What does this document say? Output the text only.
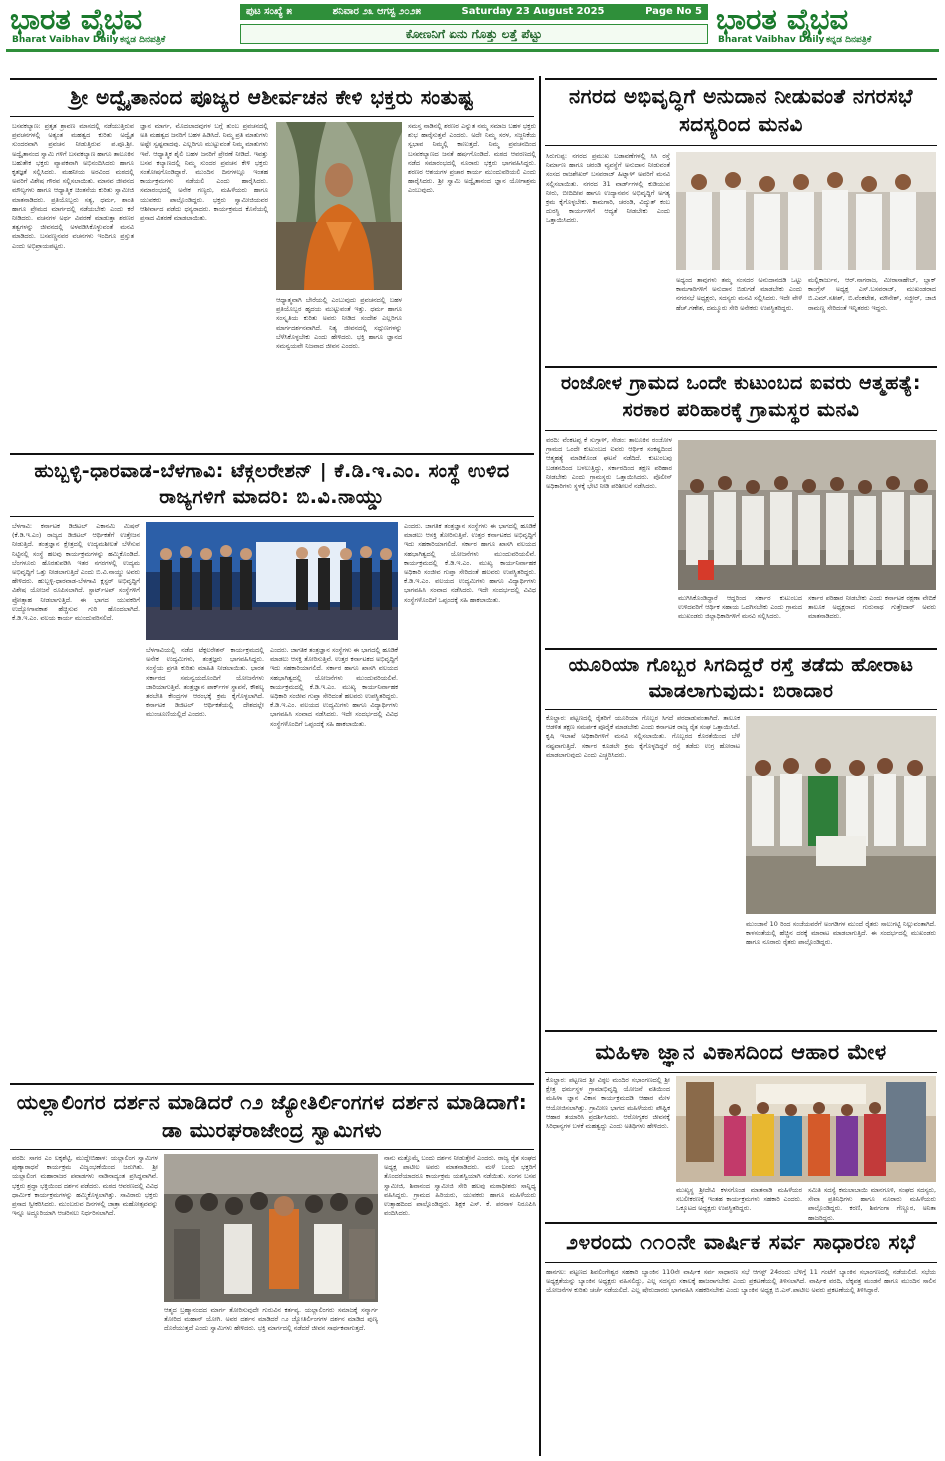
ಭಾರತ ವೈಭವ
Bharat Vaibhav Daily ಕನ್ನಡ ದಿನಪತ್ರಿಕೆ
ಪುಟ ಸಂಖ್ಯೆ ೫	ಶನಿವಾರ ೨೩ ಆಗಸ್ಟ ೨೦೨೫	Saturday 23 August 2025	Page No 5
ಕೋಣನಿಗೆ ಏನು ಗೊತ್ತು ಲತ್ತೆ ಪೆಟ್ಟು	ಭಾರತ ವೈಭವ
Bharat Vaibhav Daily ಕನ್ನಡ ದಿನಪತ್ರಿಕೆ
ಶ್ರೀ ಅದ್ವೈತಾನಂದ ಪೂಜ್ಯರ ಆಶೀರ್ವಚನ ಕೇಳಿ ಭಕ್ತರು ಸಂತುಷ್ಟ
ಬಸವಕಲ್ಯಾಣ: ಪ್ರತೃತ ಶ್ರಾವಣ ಮಾಸದಲ್ಲಿ ನಡೆಯುತ್ತಿರುವ ಪ್ರವಚನಗಳಲ್ಲಿ ಅತ್ಯಂತ ಮಹತ್ವದ ಕುರಿತು ಅದ್ವೈತ ಸುಂದರವಾಗಿ ಪ್ರವಚನ ನೀಡುತ್ತಿರುವ ಪ.ಪೂ.ಶ್ರೀ. ಅದ್ವೈತಾನಂದ ಸ್ವಾಮಿ ಗಳಿಗೆ ಬಸವಕಲ್ಯಾಣ ಹಾಗೂ ತಾಲೂಕಿನ ಬಹುತೇಕ ಭಕ್ತರು ವ್ಯಾಪಕವಾಗಿ ಅಭಿನಂದಿಸಿದರು ಹಾಗೂ ಕೃತಜ್ಞತೆ ಸಲ್ಲಿಸಿದರು. ಮಹನೀಯ ಅರವಿಂದ ಮಠದಲ್ಲಿ ಅವರಿಗೆ ವಿಶೇಷ ಗೌರವ ಸಲ್ಲಿಸಲಾಯಿತು. ಮಾನವ ಜೀವನದ ಮೌಲ್ಯಗಳು ಹಾಗೂ ಆಧ್ಯಾತ್ಮಿಕ ಚಿಂತನೆಯ ಕುರಿತು ಸ್ವಾಮೀಜಿ ಮಾತನಾಡಿದರು. ಪ್ರತಿಯೊಬ್ಬರು ಸತ್ಯ, ಧರ್ಮ, ಶಾಂತಿ ಹಾಗೂ ಪ್ರೇಮದ ಮಾರ್ಗದಲ್ಲಿ ನಡೆಯಬೇಕು ಎಂದು ಕರೆ ನೀಡಿದರು. ವಚನಗಳ ಅರ್ಥ ವಿವರಣೆ ಮಾಡುತ್ತಾ ಶರಣರ ತತ್ವಗಳನ್ನು ಜೀವನದಲ್ಲಿ ಅಳವಡಿಸಿಕೊಳ್ಳುವಂತೆ ಮನವಿ ಮಾಡಿದರು. ಬಸವಣ್ಣನವರ ವಚನಗಳು ಇಂದಿಗೂ ಪ್ರಸ್ತುತ ಎಂದು ಅಭಿಪ್ರಾಯಪಟ್ಟರು.
ಜ್ಞಾನ ಮಾರ್ಗ, ಮೊದಲಾದವುಗಳ ಬಗ್ಗೆ ತುಂಬ ಪ್ರವಚನದಲ್ಲಿ ಅತಿ ಮಹತ್ವದ ಜನರಿಗೆ ಬಹಳ ಹಿಡಿಸಿದೆ. ನಿಮ್ಮ ಪ್ರತಿ ಮಾತುಗಳು ಅಷ್ಟೇ ಸ್ವಷ್ಟವಾದವು. ಎಲ್ಲರಿಗೂ ಮುಟ್ಟುವಂತೆ ನಿಮ್ಮ ಮಾತುಗಳು ಇವೆ. ಆಧ್ಯಾತ್ಮಿಕ ಶೈಲಿ ಬಹಳ ಜನರಿಗೆ ಪ್ರೇರಣೆ ನೀಡಿದೆ. ಇವತ್ತು ಬಸವ ಕಲ್ಯಾಣದಲ್ಲಿ ನಿಮ್ಮ ಸುಂದರ ಪ್ರವಚನ ಕೇಳಿ ಭಕ್ತರು ಸಂತೋಷಗೊಂಡಿದ್ದಾರೆ. ಮುಂದಿನ ದಿನಗಳಲ್ಲೂ ಇಂತಹ ಕಾರ್ಯಕ್ರಮಗಳು ನಡೆಯಲಿ ಎಂದು ಹಾರೈಸಿದರು. ಸಮಾರಂಭದಲ್ಲಿ ಅನೇಕ ಗಣ್ಯರು, ಮಹಿಳೆಯರು ಹಾಗೂ ಯುವಕರು ಪಾಲ್ಗೊಂಡಿದ್ದರು. ಭಕ್ತರು ಸ್ವಾಮೀಜಿಯವರ ಆಶೀರ್ವಾದ ಪಡೆದು ಧನ್ಯರಾದರು. ಕಾರ್ಯಕ್ರಮದ ಕೊನೆಯಲ್ಲಿ ಪ್ರಸಾದ ವಿತರಣೆ ಮಾಡಲಾಯಿತು.
ಆಧ್ಯಾತ್ಮವಾಗಿ ಬೇರೆಯಲ್ಲಿ ಎಂಬುವುದು ಪ್ರವಚನದಲ್ಲಿ ಬಹಳ ಪ್ರತಿಯೊಬ್ಬರ ಹೃದಯ ಮುಟ್ಟುವಂತೆ ಇತ್ತು. ಧರ್ಮ ಹಾಗೂ ಸಂಸ್ಕೃತಿಯ ಕುರಿತು ಅವರು ನೀಡಿದ ಸಂದೇಶ ಎಲ್ಲರಿಗೂ ಮಾರ್ಗದರ್ಶನವಾಗಿದೆ. ನಿತ್ಯ ಜೀವನದಲ್ಲಿ ಸದ್ಗುಣಗಳನ್ನು ಬೆಳೆಸಿಕೊಳ್ಳಬೇಕು ಎಂದು ಹೇಳಿದರು. ಭಕ್ತಿ ಹಾಗೂ ಜ್ಞಾನದ ಸಮನ್ವಯವೇ ನಿಜವಾದ ಜೀವನ ಎಂದರು.
ಸಮಸ್ತ ನಾಡಿನಲ್ಲಿ ಶರಣರ ಎನ್ನುತ ನಮ್ಮ ಸಮಾಜ ಬಹಳ ಭಕ್ತರು ಶುಭ ಹಾರೈಸುತ್ತವೆ ಎಂದರು. ಅದೇ ನಿಮ್ಮ ಸರಳ, ಸಜ್ಜನಿಕೆಯ ಸ್ವಭಾವ ನಿಮ್ಮಲ್ಲಿ ಕಾಣುತ್ತದೆ. ನಿಮ್ಮ ಪ್ರವಚನದಿಂದ ಬಸವಕಲ್ಯಾಣದ ಜನತೆ ಹರ್ಷಗೊಂಡಿದೆ. ಮಠದ ಆವರಣದಲ್ಲಿ ನಡೆದ ಸಮಾರಂಭದಲ್ಲಿ ನೂರಾರು ಭಕ್ತರು ಭಾಗವಹಿಸಿದ್ದರು. ಶರಣರ ಆಶಯಗಳ ಪ್ರಚಾರ ಕಾರ್ಯ ಮುಂದುವರಿಯಲಿ ಎಂದು ಹಾರೈಸಿದರು. ಶ್ರೀ ಸ್ವಾಮಿ ಅದ್ವೈತಾನಂದ ಜ್ಞಾನ ಯೋಗಾಶ್ರಮ ಎಂಬುವುದು.
ಹುಬ್ಬಳ್ಳಿ-ಧಾರವಾಡ-ಬೆಳಗಾವಿ: ಟೆಕ್ಗಲರೇಶನ್ | ಕೆ.ಡಿ.ಇ.ಎಂ. ಸಂಸ್ಥೆ ಉಳಿದ ರಾಜ್ಯಗಳಿಗೆ ಮಾದರಿ: ಬಿ.ವಿ.ನಾಯ್ಡು
ಬೆಳಗಾವಿ: ಕರ್ನಾಟಕ ಡಿಜಿಟಲ್ ಎಕಾನಮಿ ಮಿಷನ್ (ಕೆ.ಡಿ.ಇ.ಎಂ) ರಾಜ್ಯದ ಡಿಜಿಟಲ್ ಆರ್ಥಿಕತೆಗೆ ಉತ್ತೇಜನ ನೀಡುತ್ತಿದೆ. ತಂತ್ರಜ್ಞಾನ ಕ್ಷೇತ್ರದಲ್ಲಿ ಉದ್ಯಮಶೀಲತೆ ಬೆಳೆಸುವ ನಿಟ್ಟಿನಲ್ಲಿ ಸಂಸ್ಥೆ ಹಲವು ಕಾರ್ಯಕ್ರಮಗಳನ್ನು ಹಮ್ಮಿಕೊಂಡಿದೆ. ಬೆಂಗಳೂರು ಹೊರತುಪಡಿಸಿ ಇತರ ನಗರಗಳಲ್ಲಿ ಉದ್ಯಮ ಅಭಿವೃದ್ಧಿಗೆ ಒತ್ತು ನೀಡಲಾಗುತ್ತಿದೆ ಎಂದು ಬಿ.ವಿ.ನಾಯ್ಡು ಅವರು ಹೇಳಿದರು. ಹುಬ್ಬಳ್ಳಿ-ಧಾರವಾಡ-ಬೆಳಗಾವಿ ಕ್ಲಸ್ಟರ್ ಅಭಿವೃದ್ಧಿಗೆ ವಿಶೇಷ ಯೋಜನೆ ರೂಪಿಸಲಾಗಿದೆ. ಸ್ಟಾರ್ಟ್‌ಅಪ್ ಸಂಸ್ಥೆಗಳಿಗೆ ಪ್ರೋತ್ಸಾಹ ನೀಡಲಾಗುತ್ತಿದೆ. ಈ ಭಾಗದ ಯುವಕರಿಗೆ ಉದ್ಯೋಗಾವಕಾಶ ಹೆಚ್ಚಿಸುವ ಗುರಿ ಹೊಂದಲಾಗಿದೆ. ಕೆ.ಡಿ.ಇ.ಎಂ. ವಲಯ ಕಾರ್ಯ ಮುಂದುವರಿಸಲಿದೆ.
ಬೆಳಗಾವಿಯಲ್ಲಿ ನಡೆದ ಟೆಕ್ಗಲರೇಶನ್ ಕಾರ್ಯಕ್ರಮದಲ್ಲಿ ಅನೇಕ ಉದ್ಯಮಿಗಳು, ತಂತ್ರಜ್ಞರು ಭಾಗವಹಿಸಿದ್ದರು. ಸಂಸ್ಥೆಯ ಪ್ರಗತಿ ಕುರಿತು ಮಾಹಿತಿ ನೀಡಲಾಯಿತು. ಭಾರತ ಸರ್ಕಾರದ ಸಮನ್ವಯದೊಂದಿಗೆ ಯೋಜನೆಗಳು ಜಾರಿಯಾಗುತ್ತಿವೆ. ತಂತ್ರಜ್ಞಾನ ಪಾರ್ಕ್‌ಗಳ ಸ್ಥಾಪನೆ, ಕೌಶಲ್ಯ ತರಬೇತಿ ಕೇಂದ್ರಗಳ ಆರಂಭಕ್ಕೆ ಕ್ರಮ ಕೈಗೊಳ್ಳಲಾಗಿದೆ. ಕರ್ನಾಟಕ ಡಿಜಿಟಲ್ ಆರ್ಥಿಕತೆಯಲ್ಲಿ ದೇಶದಲ್ಲೇ ಮುಂಚೂಣಿಯಲ್ಲಿದೆ ಎಂದರು.
ಎಂದರು. ಜಾಗತಿಕ ತಂತ್ರಜ್ಞಾನ ಸಂಸ್ಥೆಗಳು ಈ ಭಾಗದಲ್ಲಿ ಹೂಡಿಕೆ ಮಾಡಲು ಆಸಕ್ತಿ ತೋರಿಸುತ್ತಿವೆ. ಉತ್ತರ ಕರ್ನಾಟಕದ ಅಭಿವೃದ್ಧಿಗೆ ಇದು ಸಹಕಾರಿಯಾಗಲಿದೆ. ಸರ್ಕಾರ ಹಾಗೂ ಖಾಸಗಿ ವಲಯದ ಸಹಭಾಗಿತ್ವದಲ್ಲಿ ಯೋಜನೆಗಳು ಮುಂದುವರಿಯಲಿವೆ. ಕಾರ್ಯಕ್ರಮದಲ್ಲಿ ಕೆ.ಡಿ.ಇ.ಎಂ. ಮುಖ್ಯ ಕಾರ್ಯನಿರ್ವಾಹಕ ಅಧಿಕಾರಿ ಸಂಜೀವ ಗುಪ್ತಾ ಸೇರಿದಂತೆ ಹಲವರು ಉಪಸ್ಥಿತರಿದ್ದರು. ಕೆ.ಡಿ.ಇ.ಎಂ. ವಲಯದ ಉದ್ಯಮಿಗಳು ಹಾಗೂ ವಿದ್ಯಾರ್ಥಿಗಳು ಭಾಗವಹಿಸಿ ಸಂವಾದ ನಡೆಸಿದರು. ಇದೇ ಸಂದರ್ಭದಲ್ಲಿ ವಿವಿಧ ಸಂಸ್ಥೆಗಳೊಂದಿಗೆ ಒಪ್ಪಂದಕ್ಕೆ ಸಹಿ ಹಾಕಲಾಯಿತು.
ಎಂದರು. ಜಾಗತಿಕ ತಂತ್ರಜ್ಞಾನ ಸಂಸ್ಥೆಗಳು ಈ ಭಾಗದಲ್ಲಿ ಹೂಡಿಕೆ ಮಾಡಲು ಆಸಕ್ತಿ ತೋರಿಸುತ್ತಿವೆ. ಉತ್ತರ ಕರ್ನಾಟಕದ ಅಭಿವೃದ್ಧಿಗೆ ಇದು ಸಹಕಾರಿಯಾಗಲಿದೆ. ಸರ್ಕಾರ ಹಾಗೂ ಖಾಸಗಿ ವಲಯದ ಸಹಭಾಗಿತ್ವದಲ್ಲಿ ಯೋಜನೆಗಳು ಮುಂದುವರಿಯಲಿವೆ. ಕಾರ್ಯಕ್ರಮದಲ್ಲಿ ಕೆ.ಡಿ.ಇ.ಎಂ. ಮುಖ್ಯ ಕಾರ್ಯನಿರ್ವಾಹಕ ಅಧಿಕಾರಿ ಸಂಜೀವ ಗುಪ್ತಾ ಸೇರಿದಂತೆ ಹಲವರು ಉಪಸ್ಥಿತರಿದ್ದರು. ಕೆ.ಡಿ.ಇ.ಎಂ. ವಲಯದ ಉದ್ಯಮಿಗಳು ಹಾಗೂ ವಿದ್ಯಾರ್ಥಿಗಳು ಭಾಗವಹಿಸಿ ಸಂವಾದ ನಡೆಸಿದರು. ಇದೇ ಸಂದರ್ಭದಲ್ಲಿ ವಿವಿಧ ಸಂಸ್ಥೆಗಳೊಂದಿಗೆ ಒಪ್ಪಂದಕ್ಕೆ ಸಹಿ ಹಾಕಲಾಯಿತು.
ಯಲ್ಲಾಲಿಂಗರ ದರ್ಶನ ಮಾಡಿದರೆ ೧೨ ಜ್ಯೋತಿರ್ಲಿಂಗಗಳ ದರ್ಶನ ಮಾಡಿದಾಗೆ: ಡಾ ಮುರಘರಾಜೇಂದ್ರ ಸ್ವಾಮಿಗಳು
ವರದಿ: ಸಾಗರ ಎಂ ಲಕ್ಕಶೆಟ್ಟಿ, ಮುದ್ದೇಬಿಹಾಳ: ಯಲ್ಲಾಲಿಂಗ ಸ್ವಾಮಿಗಳ ಪುಣ್ಯಾರಾಧನೆ ಕಾರ್ಯಕ್ರಮ ವಿಜೃಂಭಣೆಯಿಂದ ಜರುಗಿತು. ಶ್ರೀ ಯಲ್ಲಾಲಿಂಗ ಮಹಾರಾಜರ ಪವಾಡಗಳು ನಾಡಿನಾದ್ಯಂತ ಪ್ರಸಿದ್ಧವಾಗಿವೆ. ಭಕ್ತರು ಶ್ರದ್ಧಾ ಭಕ್ತಿಯಿಂದ ದರ್ಶನ ಪಡೆದರು. ಮಠದ ಆವರಣದಲ್ಲಿ ವಿವಿಧ ಧಾರ್ಮಿಕ ಕಾರ್ಯಕ್ರಮಗಳನ್ನು ಹಮ್ಮಿಕೊಳ್ಳಲಾಗಿತ್ತು. ಸಾವಿರಾರು ಭಕ್ತರು ಪ್ರಸಾದ ಸ್ವೀಕರಿಸಿದರು. ಮುಂಬರುವ ದಿನಗಳಲ್ಲಿ ಜಾತ್ರಾ ಮಹೋತ್ಸವವನ್ನು ಇನ್ನೂ ಅದ್ದೂರಿಯಾಗಿ ಆಚರಿಸಲು ನಿರ್ಧರಿಸಲಾಗಿದೆ.
ಆತ್ಮದ ಬ್ರಹ್ಮಾನಂದದ ಮಾರ್ಗ ತೋರಿಸುವುದೇ ಗುರುವಿನ ಕರ್ತವ್ಯ. ಯಲ್ಲಾಲಿಂಗರು ಸಮಾಜಕ್ಕೆ ಸನ್ಮಾರ್ಗ ತೋರಿದ ಮಹಾನ್ ಯೋಗಿ. ಅವರ ದರ್ಶನ ಮಾಡಿದರೆ ೧೨ ಜ್ಯೋತಿರ್ಲಿಂಗಗಳ ದರ್ಶನ ಮಾಡಿದ ಪುಣ್ಯ ದೊರೆಯುತ್ತದೆ ಎಂದು ಸ್ವಾಮಿಗಳು ಹೇಳಿದರು. ಭಕ್ತಿ ಮಾರ್ಗದಲ್ಲಿ ನಡೆದರೆ ಜೀವನ ಸಾರ್ಥಕವಾಗುತ್ತದೆ.
ನಾನು ಮತ್ತೊಮ್ಮೆ ಬಂದು ದರ್ಶನ ನೀಡುತ್ತೇನೆ ಎಂದರು. ರಾಜ್ಯ ರೈತ ಸಂಘದ ಅಧ್ಯಕ್ಷ ಪಾಟೀಲ ಅವರು ಮಾತನಾಡಿದರು. ಮಳೆ ಬಂದು ಭಕ್ತರಿಗೆ ತೊಂದರೆಯಾದರೂ ಕಾರ್ಯಕ್ರಮ ಯಶಸ್ವಿಯಾಗಿ ನಡೆಯಿತು. ಸಂಗನ ಬಸವ ಸ್ವಾಮೀಜಿ, ಶಿವಾನಂದ ಸ್ವಾಮೀಜಿ ಸೇರಿ ಹಲವು ಮಠಾಧೀಶರು ಸಾನ್ನಿಧ್ಯ ವಹಿಸಿದ್ದರು. ಗ್ರಾಮದ ಹಿರಿಯರು, ಯುವಕರು ಹಾಗೂ ಮಹಿಳೆಯರು ಉತ್ಸಾಹದಿಂದ ಪಾಲ್ಗೊಂಡಿದ್ದರು. ಶಿಕ್ಷಕ ಎಸ್. ಕೆ. ಪರನಾಳ ನಿರೂಪಿಸಿ ವಂದಿಸಿದರು.
ನಗರದ ಅಭಿವೃದ್ಧಿಗೆ ಅನುದಾನ ನೀಡುವಂತೆ ನಗರಸಭೆ ಸದಸ್ಯರಿಂದ ಮನವಿ
ಸಿರುಗುಪ್ಪ: ನಗರದ ಪ್ರಮುಖ ಬಡಾವಣೆಗಳಲ್ಲಿ ಸಿಸಿ ರಸ್ತೆ ನಿರ್ಮಾಣ ಹಾಗೂ ಚರಂಡಿ ವ್ಯವಸ್ಥೆಗೆ ಅನುದಾನ ನೀಡುವಂತೆ ಸಂಸದ ರಾಜಶೇಖರ್ ಬಸವರಾಜ್ ಹಿಟ್ನಾಳ್ ಅವರಿಗೆ ಮನವಿ ಸಲ್ಲಿಸಲಾಯಿತು. ನಗರದ 31 ವಾರ್ಡ್‌ಗಳಲ್ಲಿ ಕುಡಿಯುವ ನೀರು, ಬೀದಿದೀಪ ಹಾಗೂ ಉದ್ಯಾನವನ ಅಭಿವೃದ್ಧಿಗೆ ಅಗತ್ಯ ಕ್ರಮ ಕೈಗೊಳ್ಳಬೇಕು. ಕಾಮಗಾರಿ, ಚರಂಡಿ, ವಿದ್ಯುತ್ ಕಂಬ ದುರಸ್ಥಿ ಕಾರ್ಯಗಳಿಗೆ ಆದ್ಯತೆ ನೀಡಬೇಕು ಎಂದು ಒತ್ತಾಯಿಸಿದರು.
ಅಧ್ಯಂದ ತಾವುಗಳು ತಮ್ಮ ಸಂಸದರ ಅನುದಾನದಡಿ ಒಟ್ಟು ಕಾಮಗಾರಿಗಳಿಗೆ ಅನುದಾನ ಬಿಡುಗಡೆ ಮಾಡಬೇಕು ಎಂದು ನಗರಸಭೆ ಅಧ್ಯಕ್ಷರು, ಸದಸ್ಯರು ಮನವಿ ಸಲ್ಲಿಸಿದರು. ಇದೇ ವೇಳೆ ಹೆಚ್.ಗಣೇಶ, ದಮ್ಮೂರು ಸೇರಿ ಅನೇಕರು ಉಪಸ್ಥಿತರಿದ್ದರು.
ಮಲ್ಲಿಕಾರ್ಜುನ, ಆರ್.ನಾಗರಾಜ, ಮೀರಾಸಾಹೇಬ್, ಬ್ಲಾಕ್ ಕಾಂಗ್ರೆಸ್ ಅಧ್ಯಕ್ಷ ಎಸ್.ಬಸವರಾಜ್, ಮುಖಂಡರಾದ ಬಿ.ಎಮ್.ಸತೀಶ್, ಬಿ.ವೆಂಕಟೇಶ, ಮೌನೇಶ್, ಸಜ್ಜೀರ್, ಜಾಜಿ ರಾಮಣ್ಣ ಸೇರಿದಂತೆ ಇನ್ನಿತರರು ಇದ್ದರು.
ರಂಜೋಳ ಗ್ರಾಮದ ಒಂದೇ ಕುಟುಂಬದ ಐವರು ಆತ್ಮಹತ್ಯೆ: ಸರಕಾರ ಪರಿಹಾರಕ್ಕೆ ಗ್ರಾಮಸ್ಥರ ಮನವಿ
ವರದಿ: ವೆಂಕಟಪ್ಪ ಕೆ ಸುಗ್ಗಾಳ್, ಸೇಡಂ: ತಾಲೂಕಿನ ರಂಜೋಳ ಗ್ರಾಮದ ಒಂದೇ ಕುಟುಂಬದ ಐವರು ಆರ್ಥಿಕ ಸಂಕಷ್ಟದಿಂದ ಆತ್ಮಹತ್ಯೆ ಮಾಡಿಕೊಂಡ ಘಟನೆ ನಡೆದಿದೆ. ಕುಟುಂಬವು ಬಡತನದಿಂದ ಬಳಲುತ್ತಿದ್ದು, ಸರ್ಕಾರದಿಂದ ತಕ್ಷಣ ಪರಿಹಾರ ನೀಡಬೇಕು ಎಂದು ಗ್ರಾಮಸ್ಥರು ಒತ್ತಾಯಿಸಿದರು. ಪೊಲೀಸ್ ಅಧಿಕಾರಿಗಳು ಸ್ಥಳಕ್ಕೆ ಭೇಟಿ ನೀಡಿ ಪರಿಶೀಲನೆ ನಡೆಸಿದರು.
ಮುಗಿಸಿಕೊಂಡಿದ್ದಾರೆ ಆದ್ದರಿಂದ ಸರ್ಕಾರ ಕುಟುಂಬದ ಉಳಿದವರಿಗೆ ಆರ್ಥಿಕ ಸಹಾಯ ಒದಗಿಸಬೇಕು ಎಂದು ಗ್ರಾಮದ ಮುಖಂಡರು ಜಿಲ್ಲಾಧಿಕಾರಿಗಳಿಗೆ ಮನವಿ ಸಲ್ಲಿಸಿದರು.
ಸರ್ಕಾರ ಪರಿಹಾರ ನೀಡಬೇಕು ಎಂದು ಕರ್ನಾಟಕ ರಕ್ಷಣಾ ವೇದಿಕೆ ತಾಲೂಕ ಅಧ್ಯಕ್ಷರಾದ ಗುರುನಾಥ ಗುತ್ತೇದಾರ್ ಅವರು ಮಾತನಾಡಿದರು.
ಯೂರಿಯಾ ಗೊಬ್ಬರ ಸಿಗದಿದ್ದರೆ ರಸ್ತೆ ತಡೆದು ಹೋರಾಟ ಮಾಡಲಾಗುವುದು: ಬಿರಾದಾರ
ಕೊಲ್ಹಾರ: ಪಟ್ಟಣದಲ್ಲಿ ರೈತರಿಗೆ ಯೂರಿಯಾ ಗೊಬ್ಬರ ಸಿಗದೆ ಪರದಾಡುವಂತಾಗಿದೆ. ತಾಲೂಕ ಆಡಳಿತ ತಕ್ಷಣ ಸಮರ್ಪಕ ಪೂರೈಕೆ ಮಾಡಬೇಕು ಎಂದು ಕರ್ನಾಟಕ ರಾಜ್ಯ ರೈತ ಸಂಘ ಒತ್ತಾಯಿಸಿದೆ. ಕೃಷಿ ಇಲಾಖೆ ಅಧಿಕಾರಿಗಳಿಗೆ ಮನವಿ ಸಲ್ಲಿಸಲಾಯಿತು. ಗೊಬ್ಬರದ ಕೊರತೆಯಿಂದ ಬೆಳೆ ನಷ್ಟವಾಗುತ್ತಿದೆ. ಸರ್ಕಾರ ಕೂಡಲೇ ಕ್ರಮ ಕೈಗೊಳ್ಳದಿದ್ದರೆ ರಸ್ತೆ ತಡೆದು ಉಗ್ರ ಹೋರಾಟ ಮಾಡಲಾಗುವುದು ಎಂದು ಎಚ್ಚರಿಸಿದರು.
ಮುಂಜಾನೆ 10 ರಿಂದ ಸಂಜೆಯವರೆಗೆ ಅಂಗಡಿಗಳ ಮುಂದೆ ರೈತರು ಸಾಲುಗಟ್ಟಿ ನಿಲ್ಲುವಂತಾಗಿದೆ. ಕಾಳಸಂತೆಯಲ್ಲಿ ಹೆಚ್ಚಿನ ದರಕ್ಕೆ ಮಾರಾಟ ಮಾಡಲಾಗುತ್ತಿದೆ. ಈ ಸಂದರ್ಭದಲ್ಲಿ ಮುಖಂಡರು ಹಾಗೂ ನೂರಾರು ರೈತರು ಪಾಲ್ಗೊಂಡಿದ್ದರು.
ಮಹಿಳಾ ಜ್ಞಾನ ವಿಕಾಸದಿಂದ ಆಹಾರ ಮೇಳ
ಕೊಲ್ಹಾರ: ಪಟ್ಟಣದ ಶ್ರೀ ವಿಠ್ಠಲ ಮಂದಿರ ಸಭಾಂಗಣದಲ್ಲಿ ಶ್ರೀ ಕ್ಷೇತ್ರ ಧರ್ಮಸ್ಥಳ ಗ್ರಾಮಾಭಿವೃದ್ಧಿ ಯೋಜನೆ ವತಿಯಿಂದ ಮಹಿಳಾ ಜ್ಞಾನ ವಿಕಾಸ ಕಾರ್ಯಕ್ರಮದಡಿ ಆಹಾರ ಮೇಳ ಆಯೋಜಿಸಲಾಗಿತ್ತು. ಗ್ರಾಮೀಣ ಭಾಗದ ಮಹಿಳೆಯರು ಪೌಷ್ಟಿಕ ಆಹಾರ ತಯಾರಿಸಿ ಪ್ರದರ್ಶಿಸಿದರು. ಆರೋಗ್ಯಕರ ಜೀವನಕ್ಕೆ ಸಿರಿಧಾನ್ಯಗಳ ಬಳಕೆ ಮಹತ್ವದ್ದು ಎಂದು ಅತಿಥಿಗಳು ಹೇಳಿದರು.
ಮುಖ್ಯಸ್ಥ ಶ್ರೀದೇವಿ ಕಳಸಗೊಂಡ ಮಾತನಾಡಿ ಮಹಿಳೆಯರ ಸಬಲೀಕರಣಕ್ಕೆ ಇಂತಹ ಕಾರ್ಯಕ್ರಮಗಳು ಸಹಕಾರಿ ಎಂದರು. ಒಕ್ಕೂಟದ ಅಧ್ಯಕ್ಷರು ಉಪಸ್ಥಿತರಿದ್ದರು.
ಸಮಿತಿ ಸದಸ್ಯೆ ಕಮಲಾಬಾಯಿ ಮಾನಗೂಳಿ, ಸಂಘದ ಸದಸ್ಯರು, ಸೇವಾ ಪ್ರತಿನಿಧಿಗಳು ಹಾಗೂ ನೂರಾರು ಮಹಿಳೆಯರು ಪಾಲ್ಗೊಂಡಿದ್ದರು. ಕರಣಿ, ಶಿವಗಂಗಾ ಗೆಣ್ಣೂರ, ಅನಿತಾ ಹಾಜರಿದ್ದರು.
೨೪ರಂದು ೧೧೦ನೇ ವಾರ್ಷಿಕ ಸರ್ವ ಸಾಧಾರಣ ಸಭೆ
ಹಾನಗಲ: ಪಟ್ಟಣದ ಶಿವಲಿಂಗೇಶ್ವರ ಸಹಕಾರಿ ಬ್ಯಾಂಕಿನ 110ನೇ ವಾರ್ಷಿಕ ಸರ್ವ ಸಾಧಾರಣ ಸಭೆ ಆಗಸ್ಟ್ 24ರಂದು ಬೆಳಿಗ್ಗೆ 11 ಗಂಟೆಗೆ ಬ್ಯಾಂಕಿನ ಸಭಾಂಗಣದಲ್ಲಿ ನಡೆಯಲಿದೆ. ಸಭೆಯ ಅಧ್ಯಕ್ಷತೆಯನ್ನು ಬ್ಯಾಂಕಿನ ಅಧ್ಯಕ್ಷರು ವಹಿಸಲಿದ್ದು, ಎಲ್ಲ ಸದಸ್ಯರು ಸಕಾಲಕ್ಕೆ ಹಾಜರಾಗಬೇಕು ಎಂದು ಪ್ರಕಟಣೆಯಲ್ಲಿ ತಿಳಿಸಲಾಗಿದೆ. ವಾರ್ಷಿಕ ವರದಿ, ಲೆಕ್ಕಪತ್ರ ಮಂಡನೆ ಹಾಗೂ ಮುಂದಿನ ಸಾಲಿನ ಯೋಜನೆಗಳ ಕುರಿತು ಚರ್ಚೆ ನಡೆಯಲಿದೆ. ಎಲ್ಲ ಷೇರುದಾರರು ಭಾಗವಹಿಸಿ ಸಹಕರಿಸಬೇಕು ಎಂದು ಬ್ಯಾಂಕಿನ ಅಧ್ಯಕ್ಷ ಬಿ.ಎಸ್.ಪಾಟೀಲ ಅವರು ಪ್ರಕಟಣೆಯಲ್ಲಿ ತಿಳಿಸಿದ್ದಾರೆ.
